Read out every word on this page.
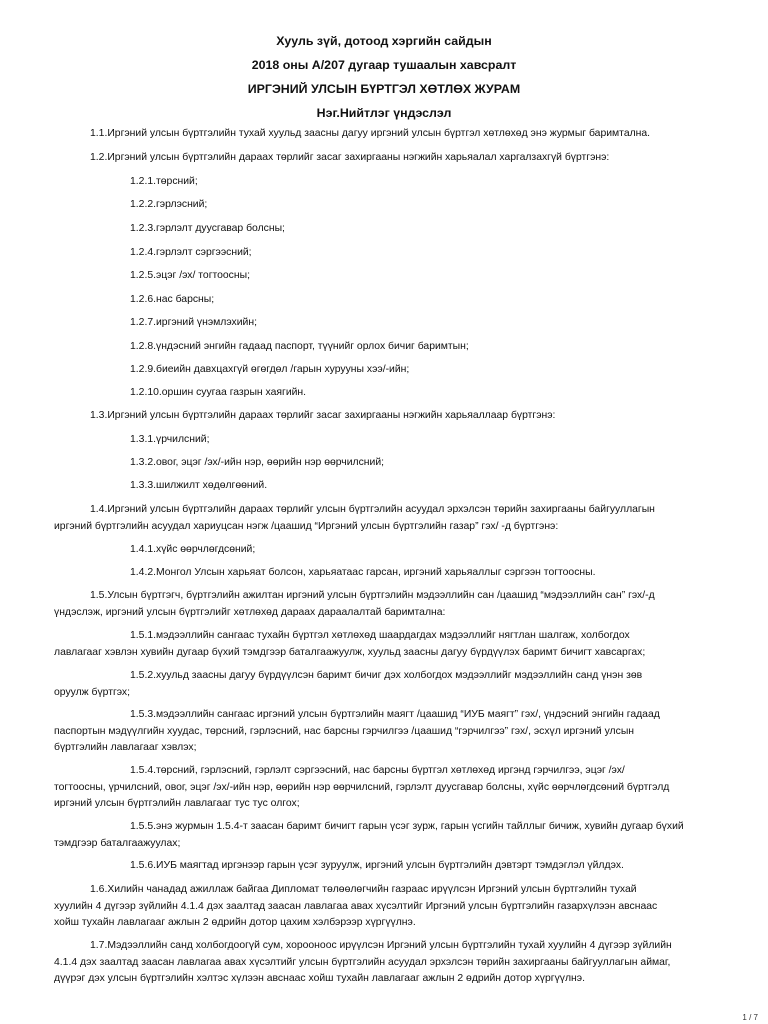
Хууль зүй, дотоод хэргийн сайдын
2018 оны А/207 дугаар тушаалын хавсралт
ИРГЭНИЙ УЛСЫН БҮРТГЭЛ ХӨТЛӨХ ЖУРАМ
Нэг.Нийтлэг үндэслэл
1.1.Иргэний улсын бүртгэлийн тухай хуульд заасны дагуу иргэний улсын бүртгэл хөтлөхөд энэ журмыг баримтална.
1.2.Иргэний улсын бүртгэлийн дараах төрлийг засаг захиргааны нэгжийн харьяалал харгалзахгүй бүртгэнэ:
1.2.1.төрсний;
1.2.2.гэрлэсний;
1.2.3.гэрлэлт дуусгавар болсны;
1.2.4.гэрлэлт сэргээсний;
1.2.5.эцэг /эх/ тогтоосны;
1.2.6.нас барсны;
1.2.7.иргэний үнэмлэхийн;
1.2.8.үндэсний энгийн гадаад паспорт, түүнийг орлох бичиг баримтын;
1.2.9.биеийн давхцахгүй өгөгдөл /гарын хурууны хээ/-ийн;
1.2.10.оршин суугаа газрын хаягийн.
1.3.Иргэний улсын бүртгэлийн дараах төрлийг засаг захиргааны нэгжийн харьяаллаар бүртгэнэ:
1.3.1.үрчилсний;
1.3.2.овог, эцэг /эх/-ийн нэр, өөрийн нэр өөрчилсний;
1.3.3.шилжилт хөдөлгөөний.
1.4.Иргэний улсын бүртгэлийн дараах төрлийг улсын бүртгэлийн асуудал эрхэлсэн төрийн захиргааны байгууллагын
иргэний бүртгэлийн асуудал хариуцсан нэгж /цаашид “Иргэний улсын бүртгэлийн газар” гэх/ -д бүртгэнэ:
1.4.1.хүйс өөрчлөгдсөний;
1.4.2.Монгол Улсын харьяат болсон, харьяатаас гарсан, иргэний харьяаллыг сэргээн тогтоосны.
1.5.Улсын бүртгэгч, бүртгэлийн ажилтан иргэний улсын бүртгэлийн мэдээллийн сан /цаашид “мэдээллийн сан” гэх/-д
үндэслэж, иргэний улсын бүртгэлийг хөтлөхөд дараах дараалалтай баримтална:
1.5.1.мэдээллийн сангаас тухайн бүртгэл хөтлөхөд шаардагдах мэдээллийг нягтлан шалгаж, холбогдох
лавлагааг хэвлэн хувийн дугаар бүхий тэмдгээр баталгаажуулж, хуульд заасны дагуу бүрдүүлэх баримт бичигт хавсаргах;
1.5.2.хуульд заасны дагуу бүрдүүлсэн баримт бичиг дэх холбогдох мэдээллийг мэдээллийн санд үнэн зөв
оруулж бүртгэх;
1.5.3.мэдээллийн сангаас иргэний улсын бүртгэлийн маягт /цаашид “ИУБ маягт” гэх/, үндэсний энгийн гадаад
паспортын мэдүүлгийн хуудас, төрсний, гэрлэсний, нас барсны гэрчилгээ /цаашид “гэрчилгээ” гэх/, эсхүл иргэний улсын
бүртгэлийн лавлагааг хэвлэх;
1.5.4.төрсний, гэрлэсний, гэрлэлт сэргээсний, нас барсны бүртгэл хөтлөхөд иргэнд гэрчилгээ, эцэг /эх/
тогтоосны, үрчилсний, овог, эцэг /эх/-ийн нэр, өөрийн нэр өөрчилсний, гэрлэлт дуусгавар болсны, хүйс өөрчлөгдсөний бүртгэлд
иргэний улсын бүртгэлийн лавлагааг тус тус олгох;
1.5.5.энэ журмын 1.5.4-т заасан баримт бичигт гарын үсэг зурж, гарын үсгийн тайллыг бичиж, хувийн дугаар бүхий
тэмдгээр баталгаажуулах;
1.5.6.ИУБ маягтад иргэнээр гарын үсэг зуруулж, иргэний улсын бүртгэлийн дэвтэрт тэмдэглэл үйлдэх.
1.6.Хилийн чанадад ажиллаж байгаа Дипломат төлөөлөгчийн газраас ирүүлсэн Иргэний улсын бүртгэлийн тухай
хуулийн 4 дүгээр зүйлийн 4.1.4 дэх заалтад заасан лавлагаа авах хүсэлтийг Иргэний улсын бүртгэлийн газархүлээн авснаас
хойш тухайн лавлагааг ажлын 2 өдрийн дотор цахим хэлбэрээр хүргүүлнэ.
1.7.Мэдээллийн санд холбогдоогүй сум, хорооноос ирүүлсэн Иргэний улсын бүртгэлийн тухай хуулийн 4 дүгээр зүйлийн
4.1.4 дэх заалтад заасан лавлагаа авах хүсэлтийг улсын бүртгэлийн асуудал эрхэлсэн төрийн захиргааны байгууллагын аймаг,
дүүрэг дэх улсын бүртгэлийн хэлтэс хүлээн авснаас хойш тухайн лавлагааг ажлын 2 өдрийн дотор хүргүүлнэ.
1 / 7
